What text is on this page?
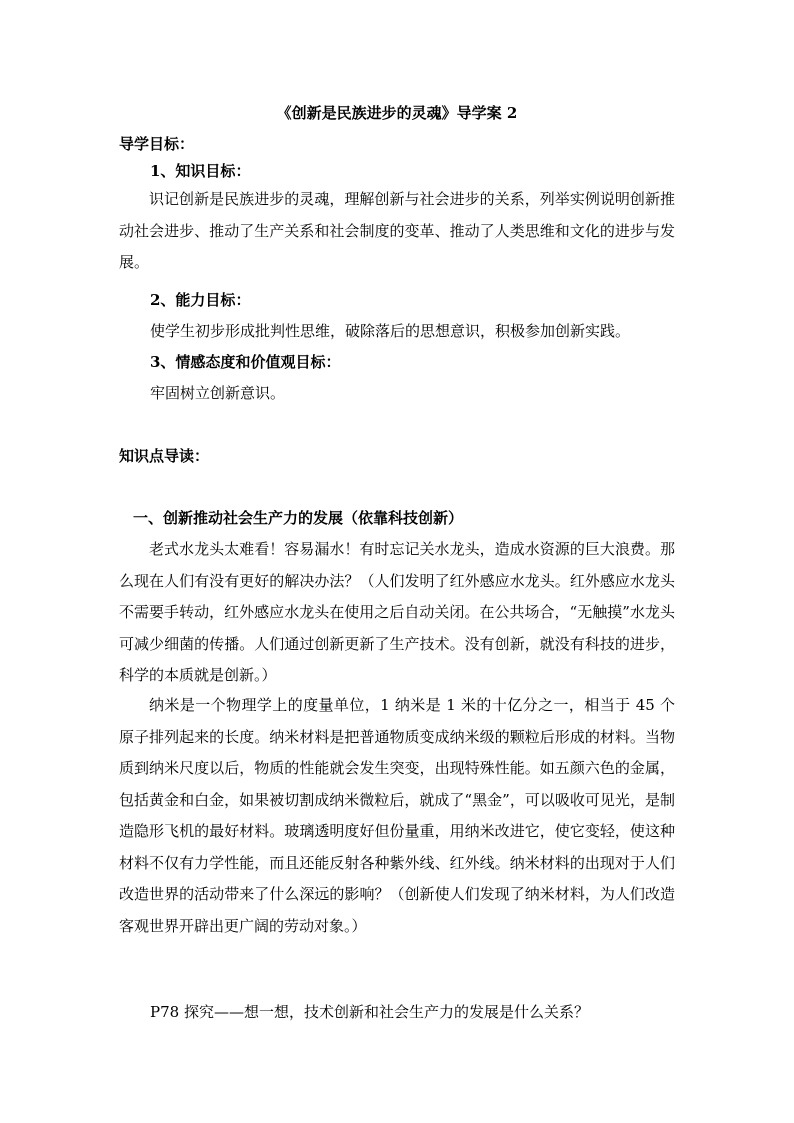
《创新是民族进步的灵魂》导学案 2
导学目标：
1、知识目标：
识记创新是民族进步的灵魂，理解创新与社会进步的关系，列举实例说明创新推动社会进步、推动了生产关系和社会制度的变革、推动了人类思维和文化的进步与发展。
2、能力目标：
使学生初步形成批判性思维，破除落后的思想意识，积极参加创新实践。
3、情感态度和价值观目标：
牢固树立创新意识。
知识点导读：
一、创新推动社会生产力的发展（依靠科技创新）
老式水龙头太难看！容易漏水！有时忘记关水龙头，造成水资源的巨大浪费。那么现在人们有没有更好的解决办法？（人们发明了红外感应水龙头。红外感应水龙头不需要手转动，红外感应水龙头在使用之后自动关闭。在公共场合，“无触摸”水龙头可减少细菌的传播。人们通过创新更新了生产技术。没有创新，就没有科技的进步，科学的本质就是创新。）
纳米是一个物理学上的度量单位，1 纳米是 1 米的十亿分之一，相当于 45 个原子排列起来的长度。纳米材料是把普通物质变成纳米级的颗粒后形成的材料。当物质到纳米尺度以后，物质的性能就会发生突变，出现特殊性能。如五颜六色的金属，包括黄金和白金，如果被切割成纳米微粒后，就成了“黑金”，可以吸收可见光，是制造隐形飞机的最好材料。玻璃透明度好但份量重，用纳米改进它，使它变轻，使这种材料不仅有力学性能，而且还能反射各种紫外线、红外线。纳米材料的出现对于人们改造世界的活动带来了什么深远的影响？（创新使人们发现了纳米材料，为人们改造客观世界开辟出更广阔的劳动对象。）
P78 探究——想一想，技术创新和社会生产力的发展是什么关系？
